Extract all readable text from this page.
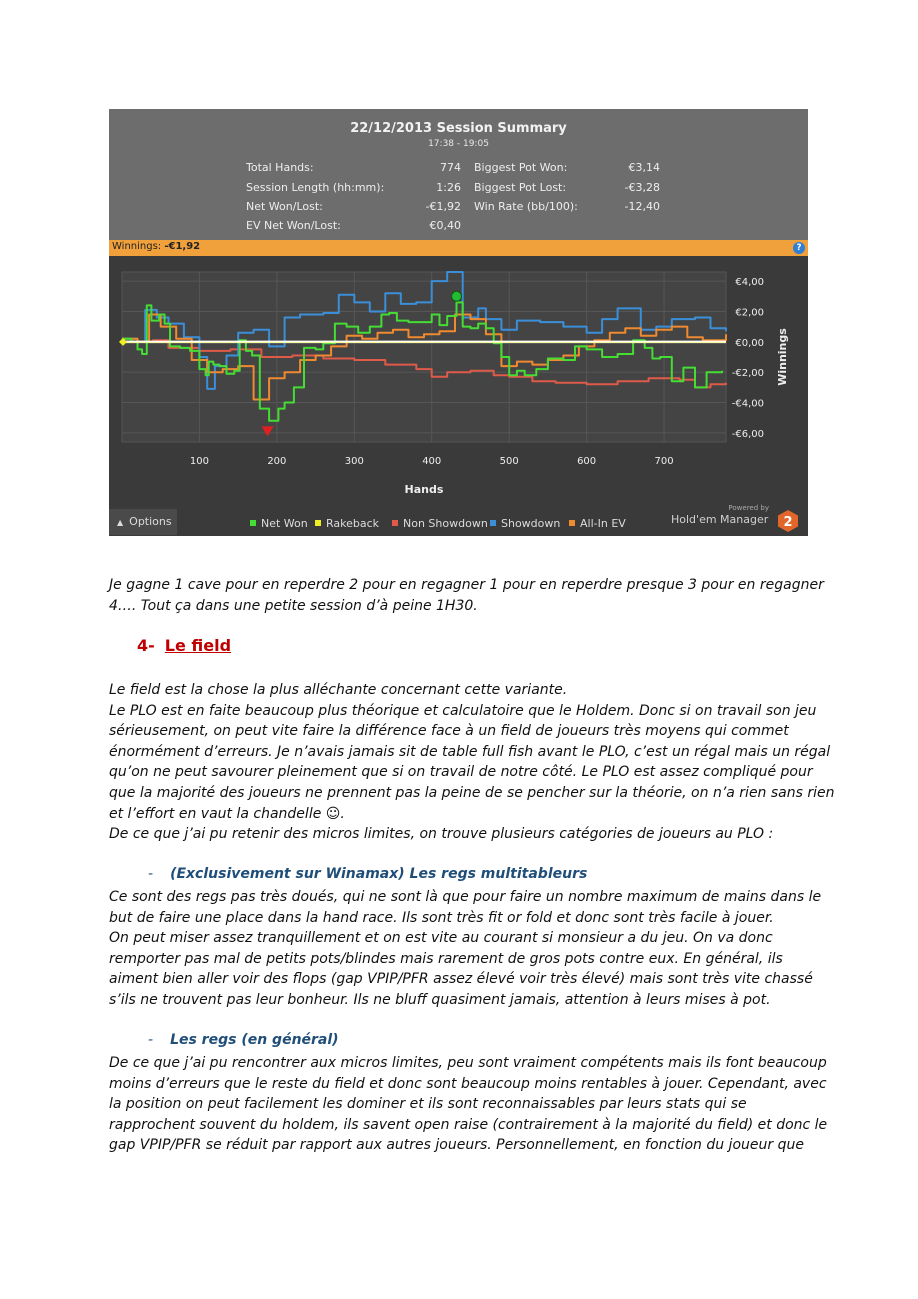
22/12/2013 Session Summary
17:38 - 19:05
Total Hands:	774
Session Length (hh:mm):	1:26
Net Won/Lost:	-€1,92
EV Net Won/Lost:	€0,40
Biggest Pot Won:	€3,14
Biggest Pot Lost:	-€3,28
Win Rate (bb/100):	-12,40
Winnings: -€1,92	?
100	200	300	400	500	600	700
€4,00
€2,00
€0,00
-€2,00
-€4,00
-€6,00
Hands
Winnings
▲ Options	Net Won	Rakeback	Non Showdown	Showdown	All-In EV
Powered by
Hold'em Manager 2
Je gagne 1 cave pour en reperdre 2 pour en regagner 1 pour en reperdre presque 3 pour en regagner
4…. Tout ça dans une petite session d’à peine 1H30.
4- Le field
Le field est la chose la plus alléchante concernant cette variante.
Le PLO est en faite beaucoup plus théorique et calculatoire que le Holdem. Donc si on travail son jeu
sérieusement, on peut vite faire la différence face à un field de joueurs très moyens qui commet
énormément d’erreurs. Je n’avais jamais sit de table full fish avant le PLO, c’est un régal mais un régal
qu’on ne peut savourer pleinement que si on travail de notre côté. Le PLO est assez compliqué pour
que la majorité des joueurs ne prennent pas la peine de se pencher sur la théorie, on n’a rien sans rien
et l’effort en vaut la chandelle ☺.
De ce que j’ai pu retenir des micros limites, on trouve plusieurs catégories de joueurs au PLO :
- (Exclusivement sur Winamax) Les regs multitableurs
Ce sont des regs pas très doués, qui ne sont là que pour faire un nombre maximum de mains dans le
but de faire une place dans la hand race. Ils sont très fit or fold et donc sont très facile à jouer.
On peut miser assez tranquillement et on est vite au courant si monsieur a du jeu. On va donc
remporter pas mal de petits pots/blindes mais rarement de gros pots contre eux. En général, ils
aiment bien aller voir des flops (gap VPIP/PFR assez élevé voir très élevé) mais sont très vite chassé
s’ils ne trouvent pas leur bonheur. Ils ne bluff quasiment jamais, attention à leurs mises à pot.
- Les regs (en général)
De ce que j’ai pu rencontrer aux micros limites, peu sont vraiment compétents mais ils font beaucoup
moins d’erreurs que le reste du field et donc sont beaucoup moins rentables à jouer. Cependant, avec
la position on peut facilement les dominer et ils sont reconnaissables par leurs stats qui se
rapprochent souvent du holdem, ils savent open raise (contrairement à la majorité du field) et donc le
gap VPIP/PFR se réduit par rapport aux autres joueurs. Personnellement, en fonction du joueur que
